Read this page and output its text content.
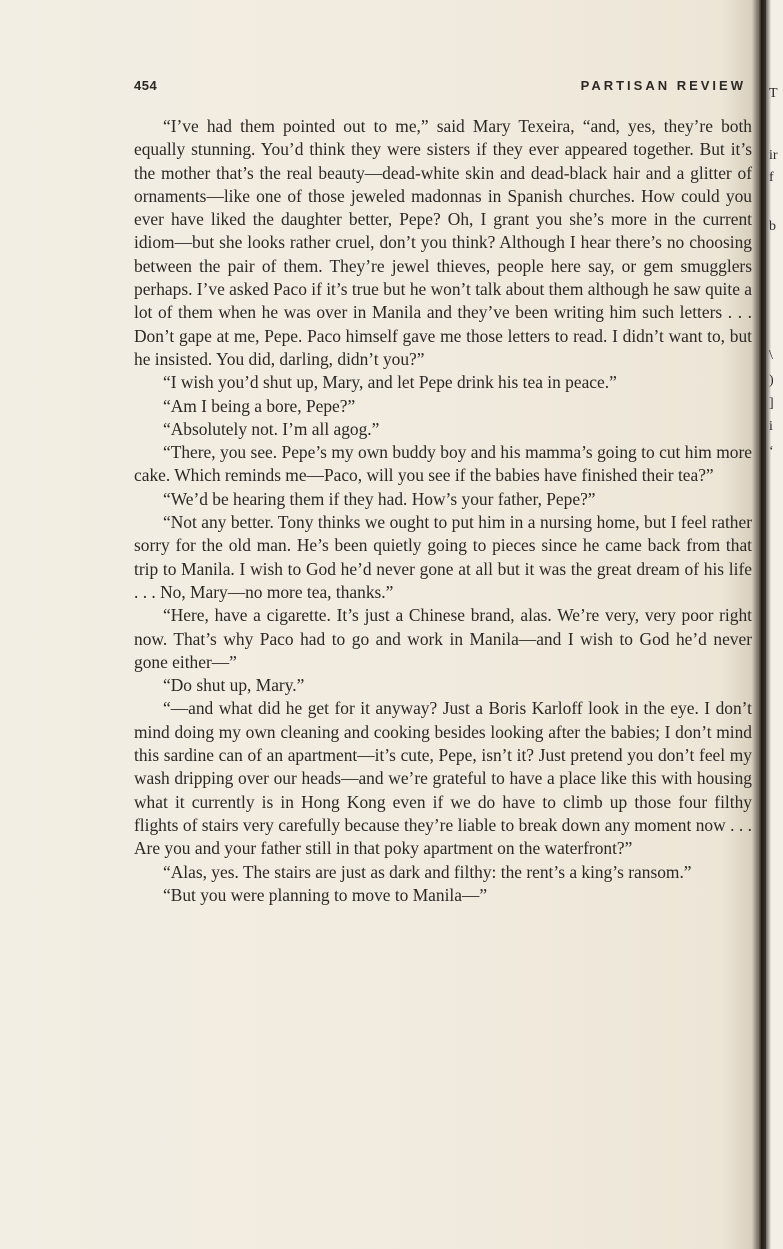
454	PARTISAN REVIEW

“I’ve had them pointed out to me,” said Mary Texeira, “and, yes, they’re both equally stunning. You’d think they were sisters if they ever appeared together. But it’s the mother that’s the real beauty—dead-white skin and dead-black hair and a glitter of ornaments—like one of those jeweled madonnas in Spanish churches. How could you ever have liked the daughter better, Pepe? Oh, I grant you she’s more in the current idiom—but she looks rather cruel, don’t you think? Although I hear there’s no choosing between the pair of them. They’re jewel thieves, people here say, or gem smugglers perhaps. I’ve asked Paco if it’s true but he won’t talk about them although he saw quite a lot of them when he was over in Manila and they’ve been writing him such letters . . . Don’t gape at me, Pepe. Paco himself gave me those letters to read. I didn’t want to, but he insisted. You did, darling, didn’t you?”

“I wish you’d shut up, Mary, and let Pepe drink his tea in peace.”

“Am I being a bore, Pepe?”

“Absolutely not. I’m all agog.”

“There, you see. Pepe’s my own buddy boy and his mamma’s going to cut him more cake. Which reminds me—Paco, will you see if the babies have finished their tea?”

“We’d be hearing them if they had. How’s your father, Pepe?”

“Not any better. Tony thinks we ought to put him in a nursing home, but I feel rather sorry for the old man. He’s been quietly going to pieces since he came back from that trip to Manila. I wish to God he’d never gone at all but it was the great dream of his life . . . No, Mary—no more tea, thanks.”

“Here, have a cigarette. It’s just a Chinese brand, alas. We’re very, very poor right now. That’s why Paco had to go and work in Manila—and I wish to God he’d never gone either—”

“Do shut up, Mary.”

“—and what did he get for it anyway? Just a Boris Karloff look in the eye. I don’t mind doing my own cleaning and cooking besides looking after the babies; I don’t mind this sardine can of an apartment—it’s cute, Pepe, isn’t it? Just pretend you don’t feel my wash dripping over our heads—and we’re grateful to have a place like this with housing what it currently is in Hong Kong even if we do have to climb up those four filthy flights of stairs very carefully because they’re liable to break down any moment now . . . Are you and your father still in that poky apartment on the waterfront?”

“Alas, yes. The stairs are just as dark and filthy: the rent’s a king’s ransom.”

“But you were planning to move to Manila—”

T
ir
f
b
\
)
]
i
‘
